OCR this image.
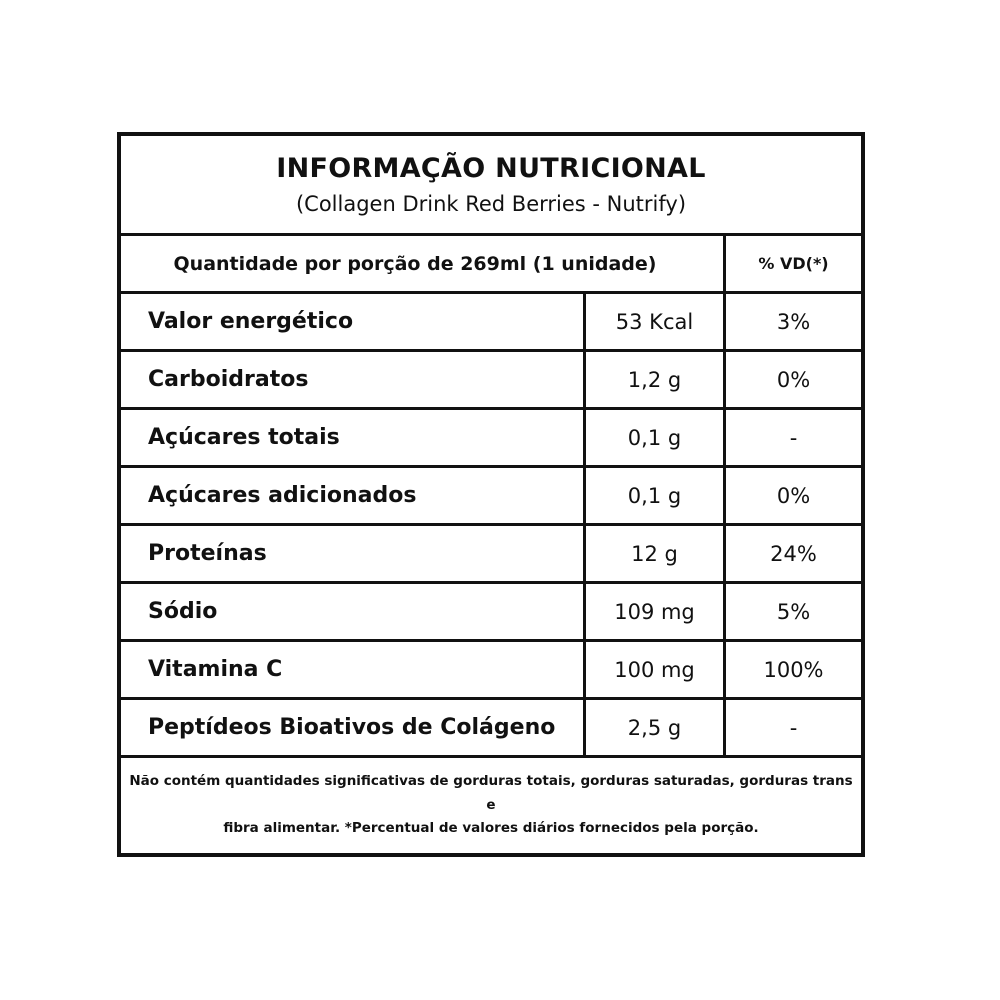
INFORMAÇÃO NUTRICIONAL
(Collagen Drink Red Berries - Nutrify)
Quantidade por porção de 269ml (1 unidade)	% VD(*)
Valor energético	53 Kcal	3%
Carboidratos	1,2 g	0%
Açúcares totais	0,1 g	-
Açúcares adicionados	0,1 g	0%
Proteínas	12 g	24%
Sódio	109 mg	5%
Vitamina C	100 mg	100%
Peptídeos Bioativos de Colágeno	2,5 g	-
Não contém quantidades significativas de gorduras totais, gorduras saturadas, gorduras trans e
fibra alimentar. *Percentual de valores diários fornecidos pela porção.
